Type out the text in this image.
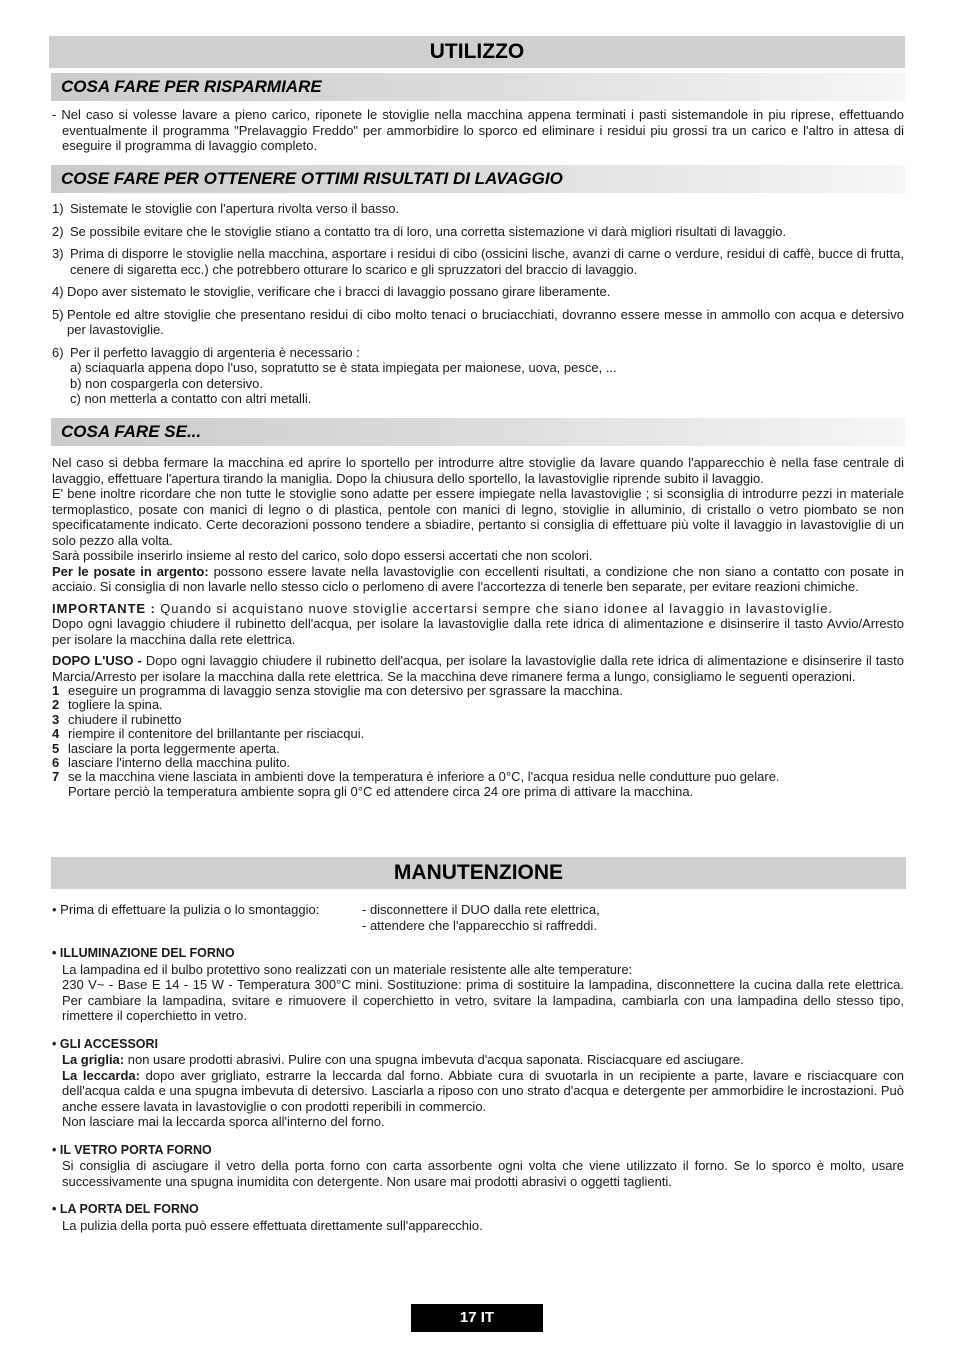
UTILIZZO
COSA FARE PER RISPARMIARE
- Nel caso si volesse lavare a pieno carico, riponete le stoviglie nella macchina appena terminati i pasti sistemandole in piu riprese, effettuando eventualmente il programma "Prelavaggio Freddo" per ammorbidire lo sporco ed eliminare i residui piu grossi tra un carico e l'altro in attesa di eseguire il programma di lavaggio completo.
COSE FARE PER OTTENERE OTTIMI RISULTATI DI LAVAGGIO
1) Sistemate le stoviglie con l'apertura rivolta verso il basso.
2) Se possibile evitare che le stoviglie stiano a contatto tra di loro, una corretta sistemazione vi darà migliori risultati di lavaggio.
3) Prima di disporre le stoviglie nella macchina, asportare i residui di cibo (ossicini lische, avanzi di carne o verdure, residui di caffè, bucce di frutta, cenere di sigaretta ecc.) che potrebbero otturare lo scarico e gli spruzzatori del braccio di lavaggio.
4) Dopo aver sistemato le stoviglie, verificare che i bracci di lavaggio possano girare liberamente.
5) Pentole ed altre stoviglie che presentano residui di cibo molto tenaci o bruciacchiati, dovranno essere messe in ammollo con acqua e detersivo per lavastoviglie.
6) Per il perfetto lavaggio di argenteria è necessario :
a) sciaquarla appena dopo l'uso, sopratutto se è stata impiegata per maionese, uova, pesce, ...
b) non cospargerla con detersivo.
c) non metterla a contatto con altri metalli.
COSA FARE SE...

Nel caso si debba fermare la macchina ed aprire lo sportello per introdurre altre stoviglie da lavare quando l'apparecchio è nella fase centrale di lavaggio, effettuare l'apertura tirando la maniglia. Dopo la chiusura dello sportello, la lavastoviglie riprende subito il lavaggio.

E' bene inoltre ricordare che non tutte le stoviglie sono adatte per essere impiegate nella lavastoviglie ; si sconsiglia di introdurre pezzi in materiale termoplastico, posate con manici di legno o di plastica, pentole con manici di legno, stoviglie in alluminio, di cristallo o vetro piombato se non specificatamente indicato. Certe decorazioni possono tendere a sbiadire, pertanto si consiglia di effettuare più volte il lavaggio in lavastoviglie di un solo pezzo alla volta.

Sarà possibile inserirlo insieme al resto del carico, solo dopo essersi accertati che non scolori.

Per le posate in argento: possono essere lavate nella lavastoviglie con eccellenti risultati, a condizione che non siano a contatto con posate in acciaio. Si consiglia di non lavarle nello stesso ciclo o perlomeno di avere l'accortezza di tenerle ben separate, per evitare reazioni chimiche.

IMPORTANTE : Quando si acquistano nuove stoviglie accertarsi sempre che siano idonee al lavaggio in lavastoviglie.

Dopo ogni lavaggio chiudere il rubinetto dell'acqua, per isolare la lavastoviglie dalla rete idrica di alimentazione e disinserire il tasto Avvio/Arresto per isolare la macchina dalla rete elettrica.

DOPO L'USO - Dopo ogni lavaggio chiudere il rubinetto dell'acqua, per isolare la lavastoviglie dalla rete idrica di alimentazione e disinserire il tasto Marcia/Arresto per isolare la macchina dalla rete elettrica. Se la macchina deve rimanere ferma a lungo, consigliamo le seguenti operazioni.

1 eseguire un programma di lavaggio senza stoviglie ma con detersivo per sgrassare la macchina.
2 togliere la spina.
3 chiudere il rubinetto
4 riempire il contenitore del brillantante per risciacqui.
5 lasciare la porta leggermente aperta.
6 lasciare l'interno della macchina pulito.
7 se la macchina viene lasciata in ambienti dove la temperatura è inferiore a 0°C, l'acqua residua nelle condutture puo gelare.
Portare perciò la temperatura ambiente sopra gli 0°C ed attendere circa 24 ore prima di attivare la macchina.
MANUTENZIONE
• Prima di effettuare la pulizia o lo smontaggio:	- disconnettere il DUO dalla rete elettrica,
- attendere che l'apparecchio si raffreddi.
• ILLUMINAZIONE DEL FORNO

La lampadina ed il bulbo protettivo sono realizzati con un materiale resistente alle alte temperature:

230 V~ - Base E 14 - 15 W - Temperatura 300°C mini. Sostituzione: prima di sostituire la lampadina, disconnettere la cucina dalla rete elettrica. Per cambiare la lampadina, svitare e rimuovere il coperchietto in vetro, svitare la lampadina, cambiarla con una lampadina dello stesso tipo, rimettere il coperchietto in vetro.

• GLI ACCESSORI

La griglia: non usare prodotti abrasivi. Pulire con una spugna imbevuta d'acqua saponata. Risciacquare ed asciugare.

La leccarda: dopo aver grigliato, estrarre la leccarda dal forno. Abbiate cura di svuotarla in un recipiente a parte, lavare e risciacquare con dell'acqua calda e una spugna imbevuta di detersivo. Lasciarla a riposo con uno strato d'acqua e detergente per ammorbidire le incrostazioni. Può anche essere lavata in lavastoviglie o con prodotti reperibili in commercio.

Non lasciare mai la leccarda sporca all'interno del forno.

• IL VETRO PORTA FORNO
Si consiglia di asciugare il vetro della porta forno con carta assorbente ogni volta che viene utilizzato il forno. Se lo sporco è molto, usare successivamente una spugna inumidita con detergente. Non usare mai prodotti abrasivi o oggetti taglienti.
• LA PORTA DEL FORNO
La pulizia della porta può essere effettuata direttamente sull'apparecchio.
17 IT
